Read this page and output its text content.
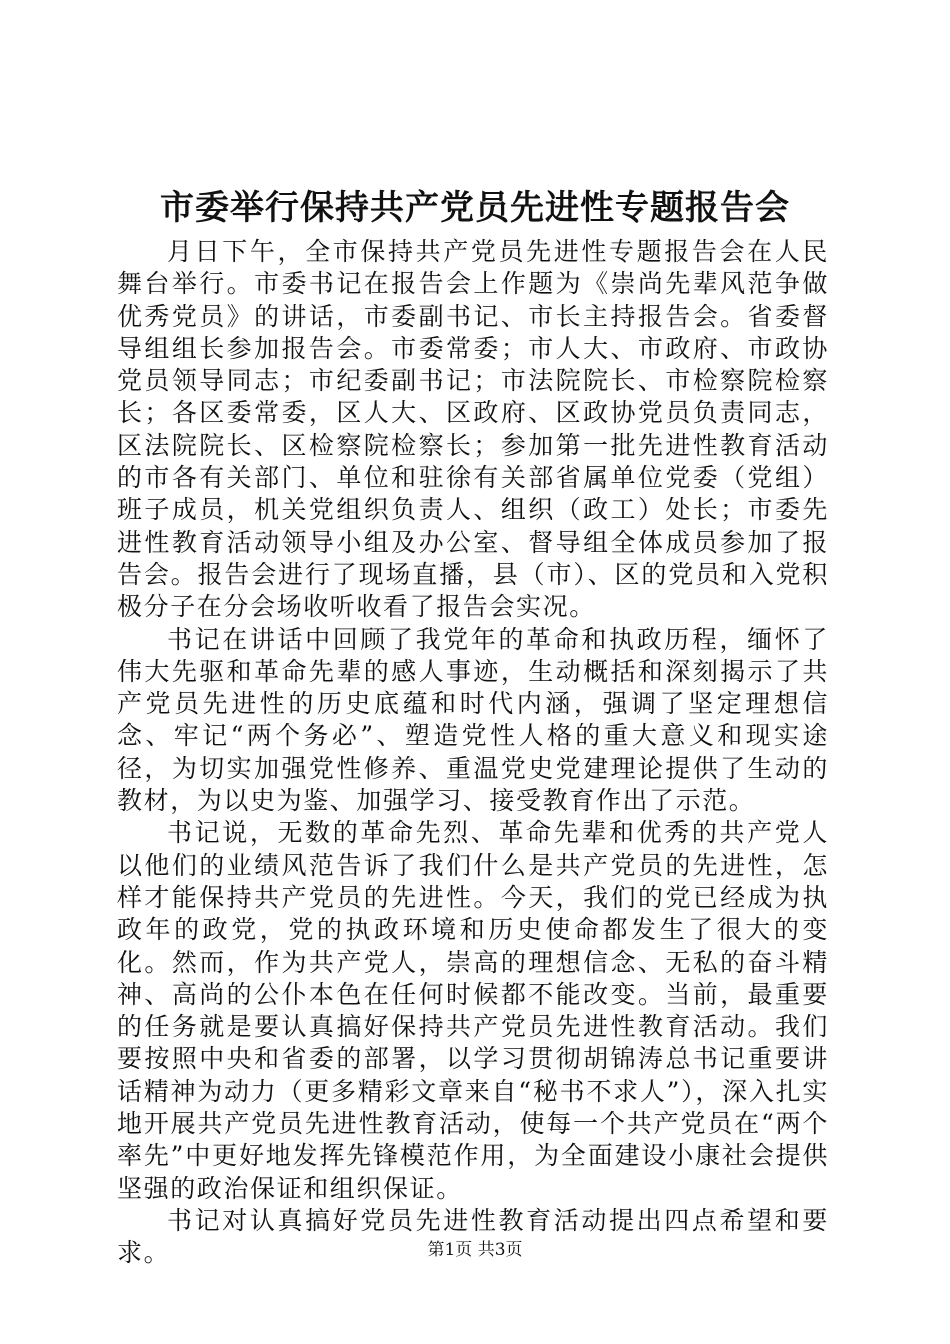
市委举行保持共产党员先进性专题报告会

月日下午，全市保持共产党员先进性专题报告会在人民舞台举行。市委书记在报告会上作题为《崇尚先辈风范争做优秀党员》的讲话，市委副书记、市长主持报告会。省委督导组组长参加报告会。市委常委；市人大、市政府、市政协党员领导同志；市纪委副书记；市法院院长、市检察院检察长；各区委常委，区人大、区政府、区政协党员负责同志，区法院院长、区检察院检察长；参加第一批先进性教育活动的市各有关部门、单位和驻徐有关部省属单位党委（党组）班子成员，机关党组织负责人、组织（政工）处长；市委先进性教育活动领导小组及办公室、督导组全体成员参加了报告会。报告会进行了现场直播，县（市）、区的党员和入党积极分子在分会场收听收看了报告会实况。

书记在讲话中回顾了我党年的革命和执政历程，缅怀了伟大先驱和革命先辈的感人事迹，生动概括和深刻揭示了共产党员先进性的历史底蕴和时代内涵，强调了坚定理想信念、牢记“两个务必”、塑造党性人格的重大意义和现实途径，为切实加强党性修养、重温党史党建理论提供了生动的教材，为以史为鉴、加强学习、接受教育作出了示范。

书记说，无数的革命先烈、革命先辈和优秀的共产党人以他们的业绩风范告诉了我们什么是共产党员的先进性，怎样才能保持共产党员的先进性。今天，我们的党已经成为执政年的政党，党的执政环境和历史使命都发生了很大的变化。然而，作为共产党人，崇高的理想信念、无私的奋斗精神、高尚的公仆本色在任何时候都不能改变。当前，最重要的任务就是要认真搞好保持共产党员先进性教育活动。我们要按照中央和省委的部署，以学习贯彻胡锦涛总书记重要讲话精神为动力（更多精彩文章来自“秘书不求人”），深入扎实地开展共产党员先进性教育活动，使每一个共产党员在“两个率先”中更好地发挥先锋模范作用，为全面建设小康社会提供坚强的政治保证和组织保证。

书记对认真搞好党员先进性教育活动提出四点希望和要求。	第1页 共3页
